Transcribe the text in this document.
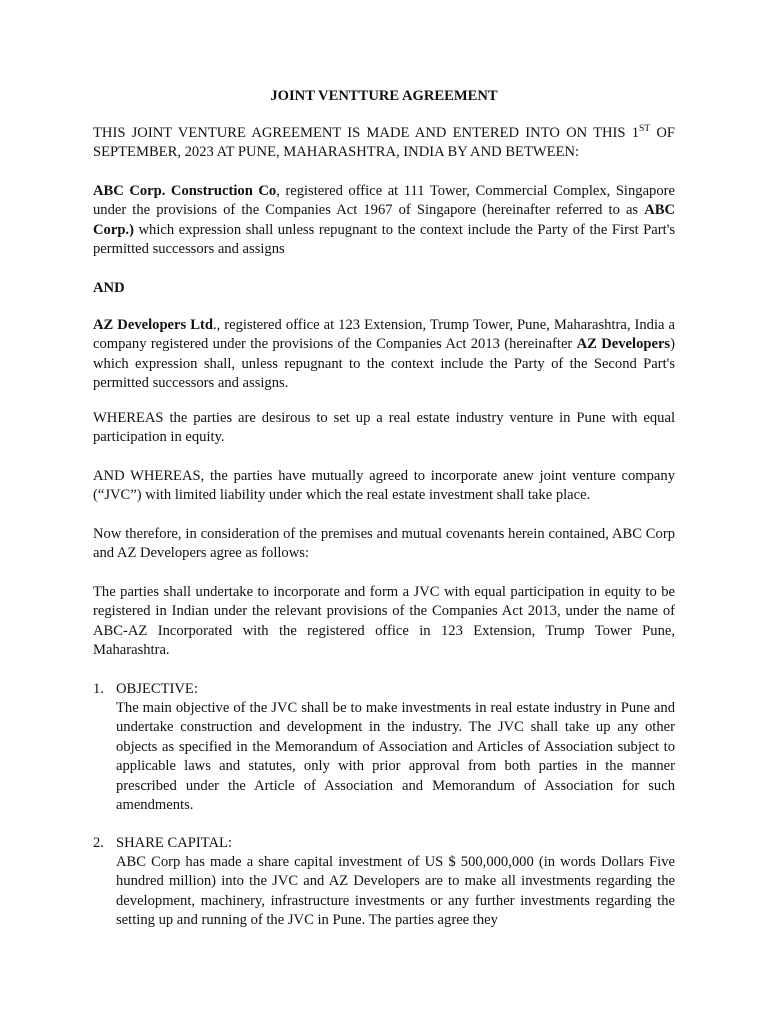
JOINT VENTTURE AGREEMENT

THIS JOINT VENTURE AGREEMENT IS MADE AND ENTERED INTO ON THIS 1ST OF SEPTEMBER, 2023 AT PUNE, MAHARASHTRA, INDIA BY AND BETWEEN:

ABC Corp. Construction Co, registered office at 111 Tower, Commercial Complex, Singapore under the provisions of the Companies Act 1967 of Singapore (hereinafter referred to as ABC Corp.) which expression shall unless repugnant to the context include the Party of the First Part's permitted successors and assigns

AND

AZ Developers Ltd., registered office at 123 Extension, Trump Tower, Pune, Maharashtra, India a company registered under the provisions of the Companies Act 2013 (hereinafter AZ Developers) which expression shall, unless repugnant to the context include the Party of the Second Part's permitted successors and assigns.

WHEREAS the parties are desirous to set up a real estate industry venture in Pune with equal participation in equity.

AND WHEREAS, the parties have mutually agreed to incorporate anew joint venture company (“JVC”) with limited liability under which the real estate investment shall take place.

Now therefore, in consideration of the premises and mutual covenants herein contained, ABC Corp and AZ Developers agree as follows:

The parties shall undertake to incorporate and form a JVC with equal participation in equity to be registered in Indian under the relevant provisions of the Companies Act 2013, under the name of ABC-AZ Incorporated with the registered office in 123 Extension, Trump Tower Pune, Maharashtra.

1. OBJECTIVE:

The main objective of the JVC shall be to make investments in real estate industry in Pune and undertake construction and development in the industry. The JVC shall take up any other objects as specified in the Memorandum of Association and Articles of Association subject to applicable laws and statutes, only with prior approval from both parties in the manner prescribed under the Article of Association and Memorandum of Association for such amendments.

2. SHARE CAPITAL:

ABC Corp has made a share capital investment of US $ 500,000,000 (in words Dollars Five hundred million) into the JVC and AZ Developers are to make all investments regarding the development, machinery, infrastructure investments or any further investments regarding the setting up and running of the JVC in Pune. The parties agree they
